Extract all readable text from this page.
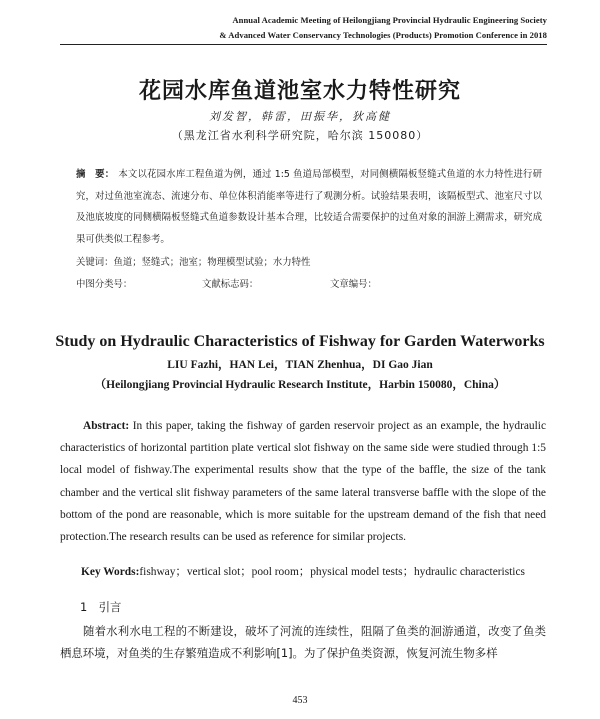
Annual Academic Meeting of Heilongjiang Provincial Hydraulic Engineering Society
& Advanced Water Conservancy Technologies (Products) Promotion Conference in 2018
花园水库鱼道池室水力特性研究
刘发智，韩雷，田振华，狄高健
（黑龙江省水利科学研究院，哈尔滨 150080）
摘　要： 本文以花园水库工程鱼道为例，通过 1:5 鱼道局部模型，对同侧横隔板竖缝式鱼道的水力特性进行研究，对过鱼池室流态、流速分布、单位体积消能率等进行了观测分析。试验结果表明，该隔板型式、池室尺寸以及池底坡度的同侧横隔板竖缝式鱼道参数设计基本合理，比较适合需要保护的过鱼对象的洄游上溯需求，研究成果可供类似工程参考。
关键词：鱼道；竖缝式；池室；物理模型试验；水力特性
中图分类号：	文献标志码：	文章编号：
Study on Hydraulic Characteristics of Fishway for Garden Waterworks
LIU Fazhi，HAN Lei，TIAN Zhenhua，DI Gao Jian
（Heilongjiang Provincial Hydraulic Research Institute，Harbin 150080，China）
Abstract: In this paper, taking the fishway of garden reservoir project as an example, the hydraulic characteristics of horizontal partition plate vertical slot fishway on the same side were studied through 1:5 local model of fishway.The experimental results show that the type of the baffle, the size of the tank chamber and the vertical slit fishway parameters of the same lateral transverse baffle with the slope of the bottom of the pond are reasonable, which is more suitable for the upstream demand of the fish that need protection.The research results can be used as reference for similar projects.
Key Words:fishway；vertical slot；pool room；physical model tests；hydraulic characteristics
1　引言
随着水利水电工程的不断建设，破坏了河流的连续性，阻隔了鱼类的洄游通道，改变了鱼类栖息环境，对鱼类的生存繁殖造成不利影响[1]。为了保护鱼类资源，恢复河流生物多样
453
